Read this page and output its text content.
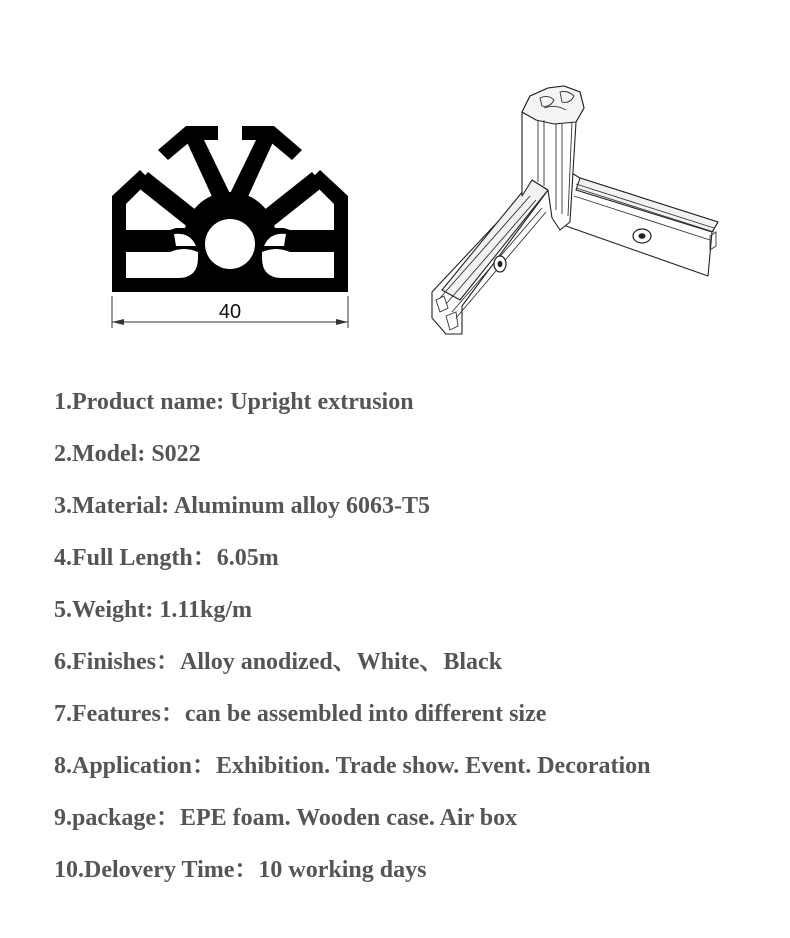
40
1.Product name: Upright extrusion
2.Model: S022
3.Material: Aluminum alloy 6063-T5
4.Full Length：6.05m
5.Weight: 1.11kg/m
6.Finishes：Alloy anodized、White、Black
7.Features：can be assembled into different size
8.Application：Exhibition. Trade show. Event. Decoration
9.package：EPE foam. Wooden case. Air box
10.Delovery Time：10 working days
